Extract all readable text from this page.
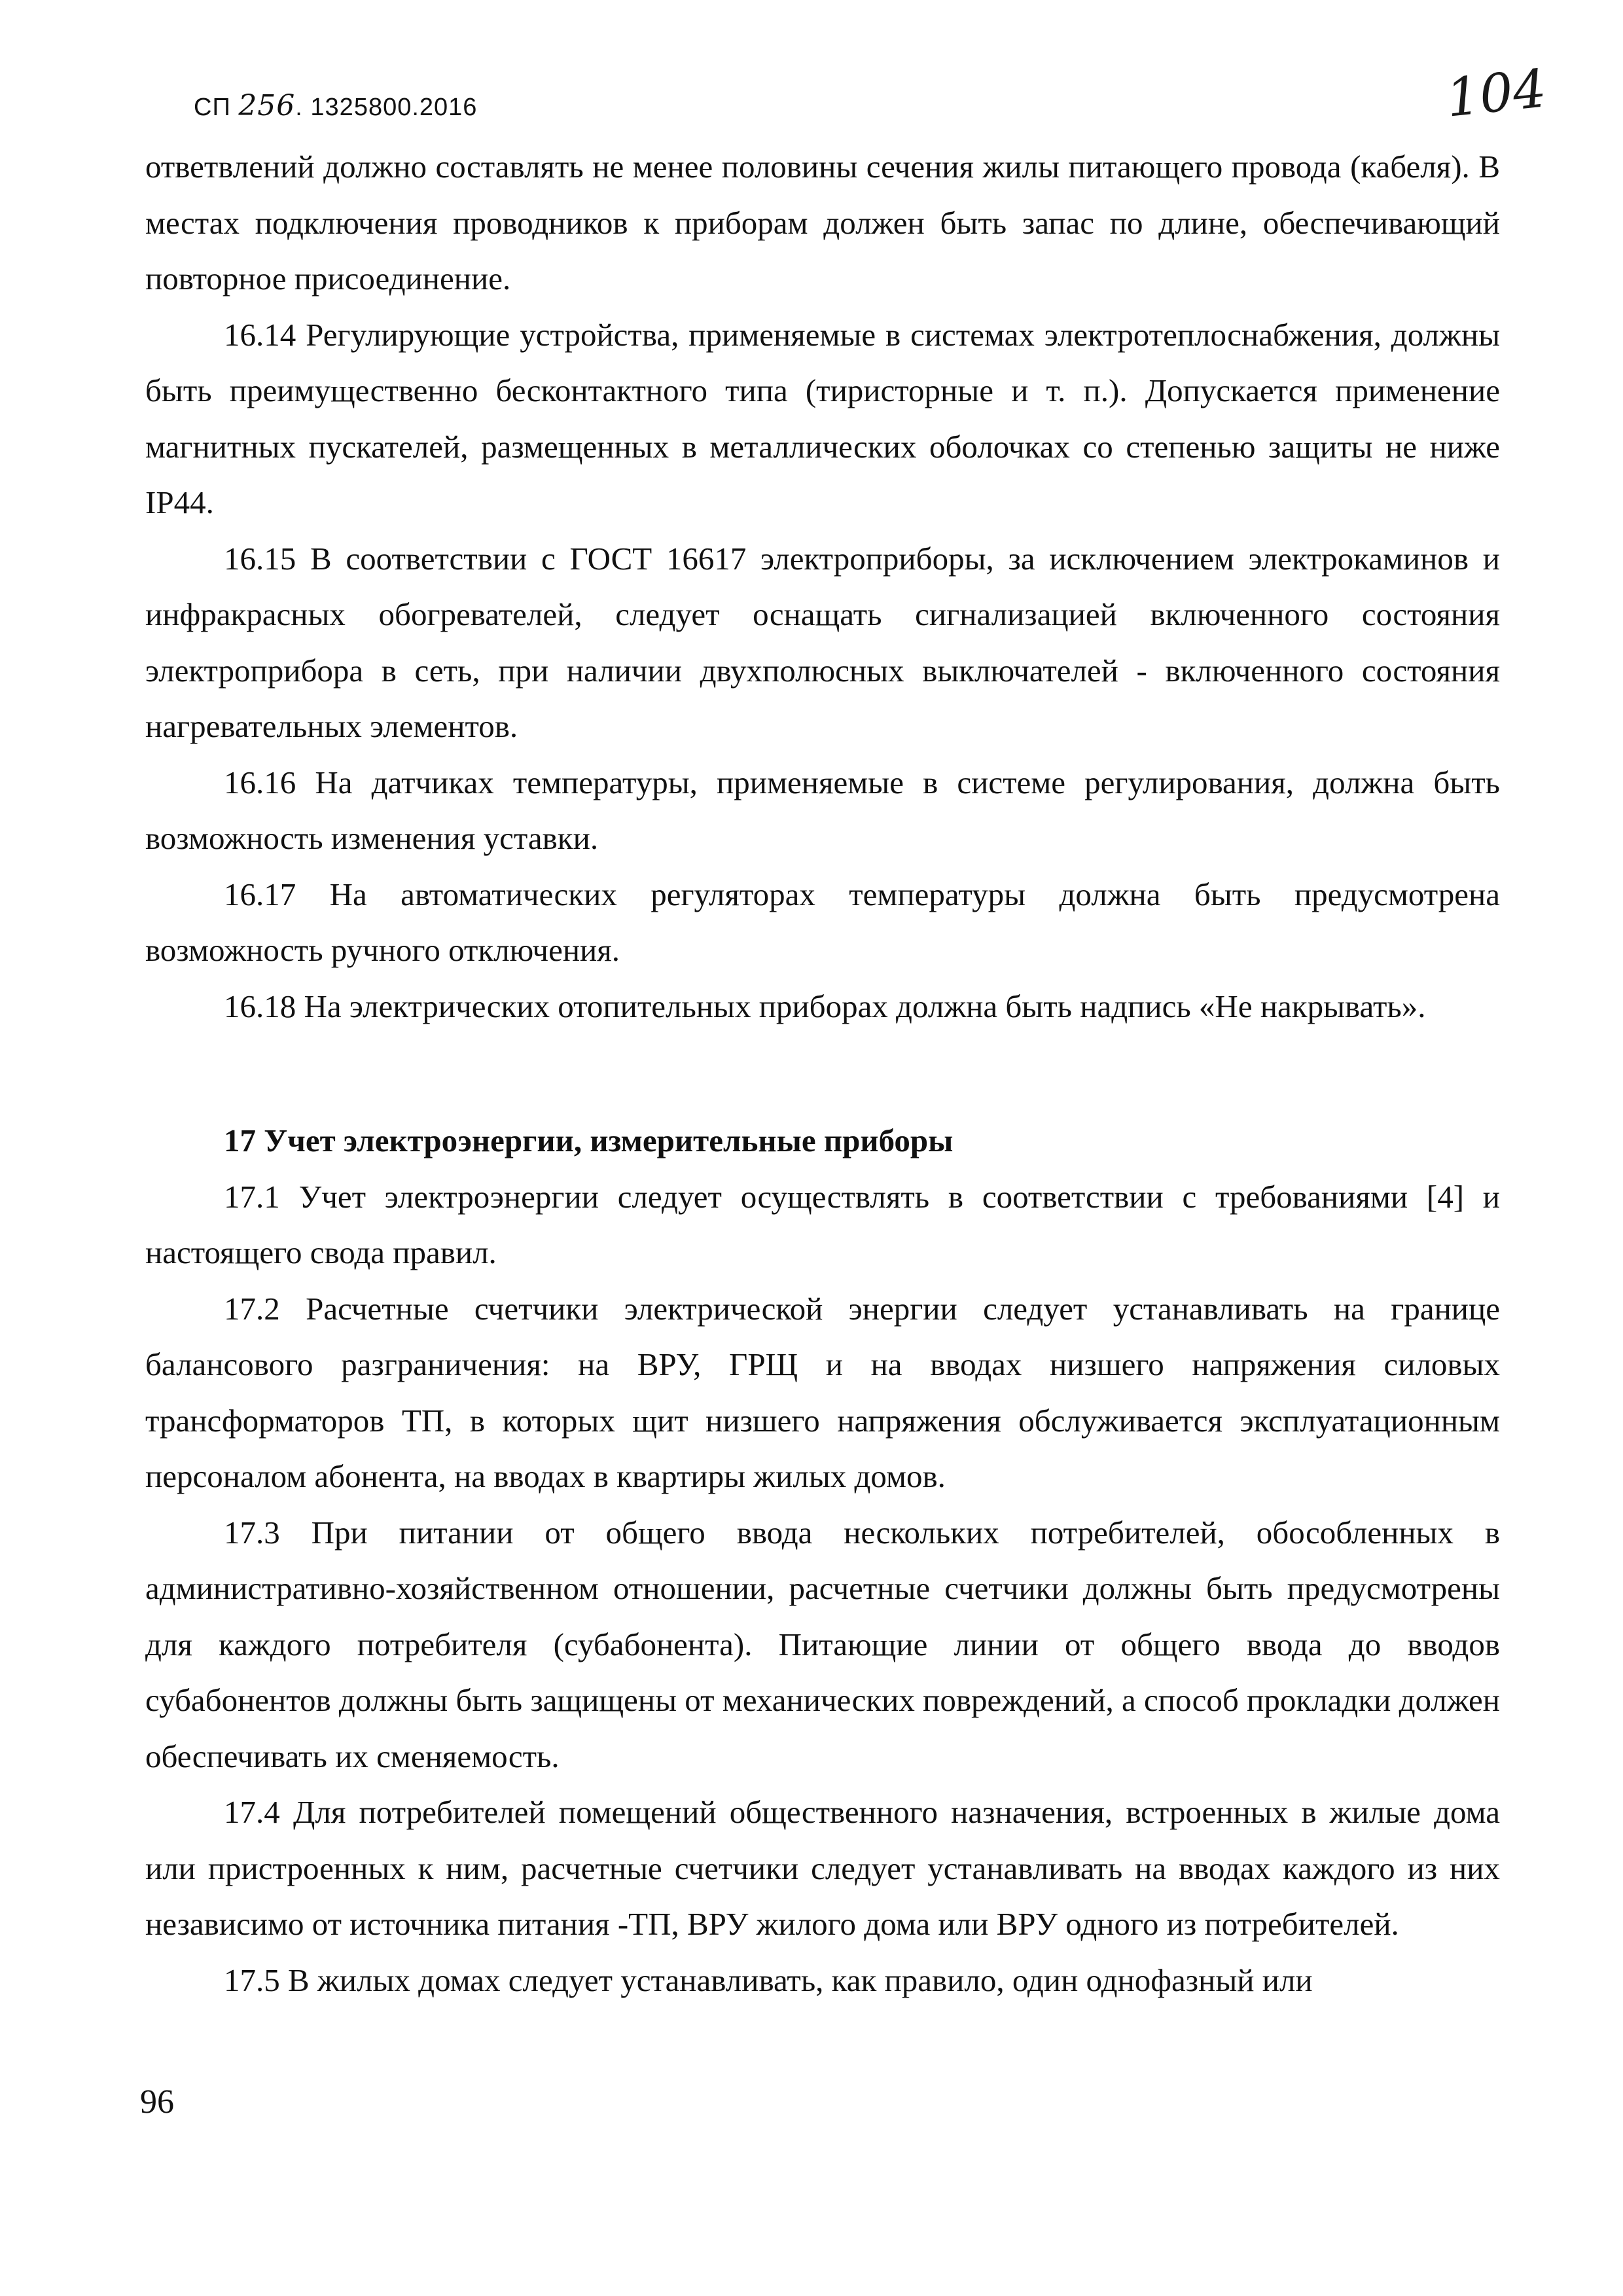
СП 256. 1325800.2016	104

ответвлений должно составлять не менее половины сечения жилы питающего провода (кабеля). В местах подключения проводников к приборам должен быть запас по длине, обеспечивающий повторное присоединение.

16.14 Регулирующие устройства, применяемые в системах электротеплоснабжения, должны быть преимущественно бесконтактного типа (тиристорные и т. п.). Допускается применение магнитных пускателей, размещенных в металлических оболочках со степенью защиты не ниже IP44.

16.15 В соответствии с ГОСТ 16617 электроприборы, за исключением электрокаминов и инфракрасных обогревателей, следует оснащать сигнализацией включенного состояния электроприбора в сеть, при наличии двухполюсных выключателей - включенного состояния нагревательных элементов.

16.16 На датчиках температуры, применяемые в системе регулирования, должна быть возможность изменения уставки.

16.17 На автоматических регуляторах температуры должна быть предусмотрена возможность ручного отключения.

16.18 На электрических отопительных приборах должна быть надпись «Не накрывать».

17 Учет электроэнергии, измерительные приборы

17.1 Учет электроэнергии следует осуществлять в соответствии с требованиями [4] и настоящего свода правил.

17.2 Расчетные счетчики электрической энергии следует устанавливать на границе балансового разграничения: на ВРУ, ГРЩ и на вводах низшего напряжения силовых трансформаторов ТП, в которых щит низшего напряжения обслуживается эксплуатационным персоналом абонента, на вводах в квартиры жилых домов.

17.3 При питании от общего ввода нескольких потребителей, обособленных в административно-хозяйственном отношении, расчетные счетчики должны быть предусмотрены для каждого потребителя (субабонента). Питающие линии от общего ввода до вводов субабонентов должны быть защищены от механических повреждений, а способ прокладки должен обеспечивать их сменяемость.

17.4 Для потребителей помещений общественного назначения, встроенных в жилые дома или пристроенных к ним, расчетные счетчики следует устанавливать на вводах каждого из них независимо от источника питания -ТП, ВРУ жилого дома или ВРУ одного из потребителей.

17.5 В жилых домах следует устанавливать, как правило, один однофазный или

96
